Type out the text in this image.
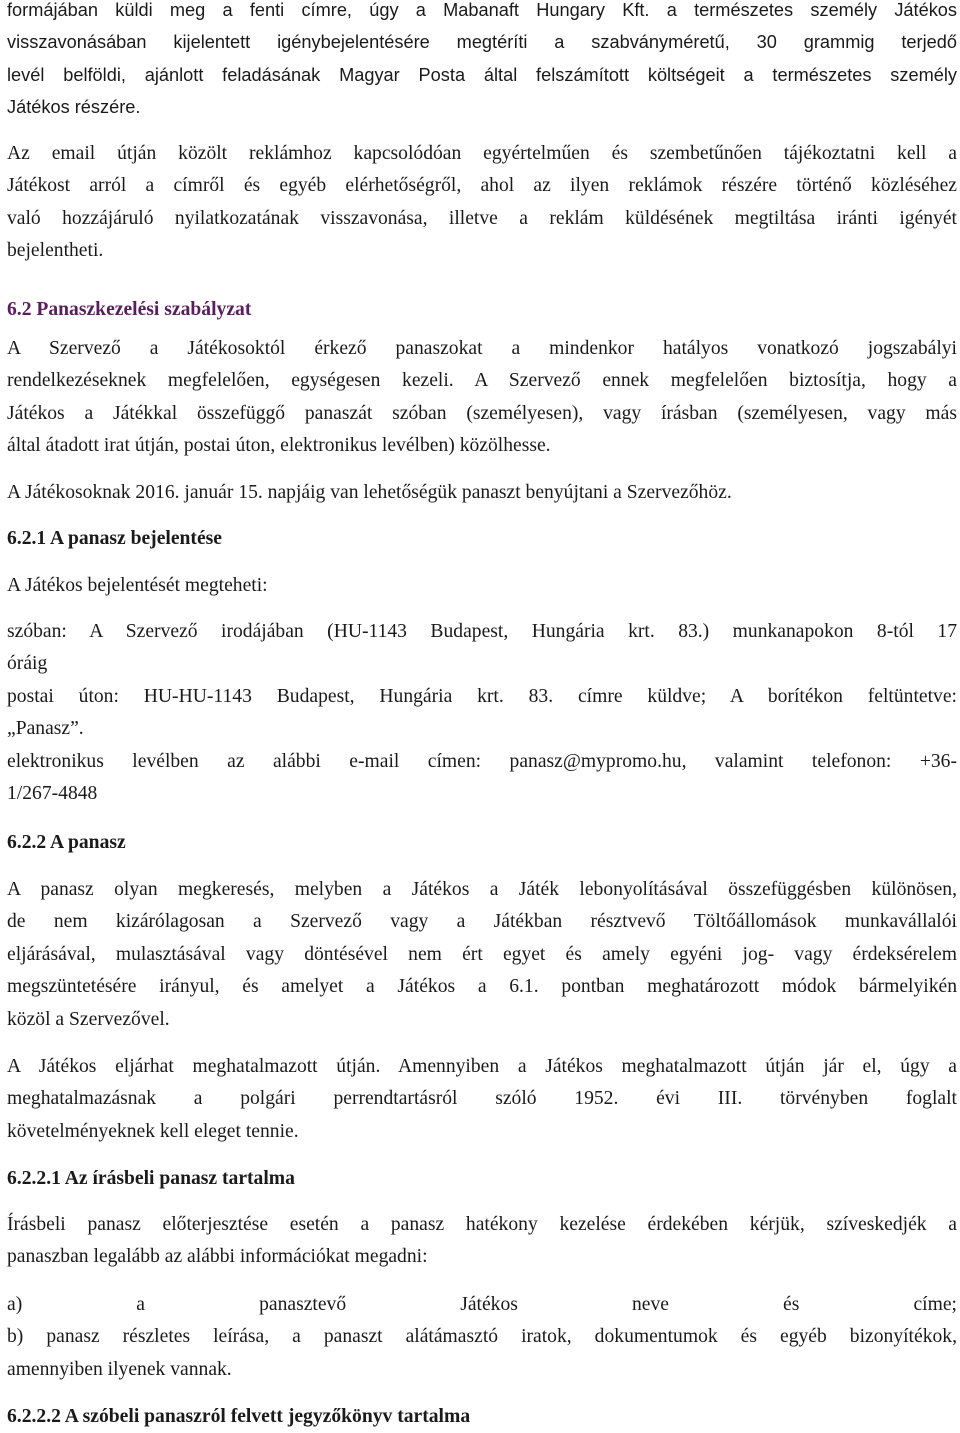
formájában küldi meg a fenti címre, úgy a Mabanaft Hungary Kft. a természetes személy Játékos
visszavonásában kijelentett igénybejelentésére megtéríti a szabványméretű, 30 grammig terjedő
levél belföldi, ajánlott feladásának Magyar Posta által felszámított költségeit a természetes személy
Játékos részére.
Az email útján közölt reklámhoz kapcsolódóan egyértelműen és szembetűnően tájékoztatni kell a
Játékost arról a címről és egyéb elérhetőségről, ahol az ilyen reklámok részére történő közléséhez
való hozzájáruló nyilatkozatának visszavonása, illetve a reklám küldésének megtiltása iránti igényét
bejelentheti.
6.2 Panaszkezelési szabályzat
A Szervező a Játékosoktól érkező panaszokat a mindenkor hatályos vonatkozó jogszabályi
rendelkezéseknek megfelelően, egységesen kezeli. A Szervező ennek megfelelően biztosítja, hogy a
Játékos a Játékkal összefüggő panaszát szóban (személyesen), vagy írásban (személyesen, vagy más
által átadott irat útján, postai úton, elektronikus levélben) közölhesse.
A Játékosoknak 2016. január 15. napjáig van lehetőségük panaszt benyújtani a Szervezőhöz.
6.2.1 A panasz bejelentése
A Játékos bejelentését megteheti:
szóban: A Szervező irodájában (HU-1143 Budapest, Hungária krt. 83.) munkanapokon 8-tól 17
óráig
postai úton: HU-HU-1143 Budapest, Hungária krt. 83. címre küldve; A borítékon feltüntetve:
„Panasz”.
elektronikus levélben az alábbi e-mail címen: panasz@mypromo.hu, valamint telefonon: +36-
1/267-4848
6.2.2 A panasz
A panasz olyan megkeresés, melyben a Játékos a Játék lebonyolításával összefüggésben különösen,
de nem kizárólagosan a Szervező vagy a Játékban résztvevő Töltőállomások munkavállalói
eljárásával, mulasztásával vagy döntésével nem ért egyet és amely egyéni jog- vagy érdeksérelem
megszüntetésére irányul, és amelyet a Játékos a 6.1. pontban meghatározott módok bármelyikén
közöl a Szervezővel.
A Játékos eljárhat meghatalmazott útján. Amennyiben a Játékos meghatalmazott útján jár el, úgy a
meghatalmazásnak a polgári perrendtartásról szóló 1952. évi III. törvényben foglalt
követelményeknek kell eleget tennie.
6.2.2.1 Az írásbeli panasz tartalma
Írásbeli panasz előterjesztése esetén a panasz hatékony kezelése érdekében kérjük, szíveskedjék a
panaszban legalább az alábbi információkat megadni:
a) a panasztevő Játékos neve és címe;
b) panasz részletes leírása, a panaszt alátámasztó iratok, dokumentumok és egyéb bizonyítékok,
amennyiben ilyenek vannak.
6.2.2.2 A szóbeli panaszról felvett jegyzőkönyv tartalma
